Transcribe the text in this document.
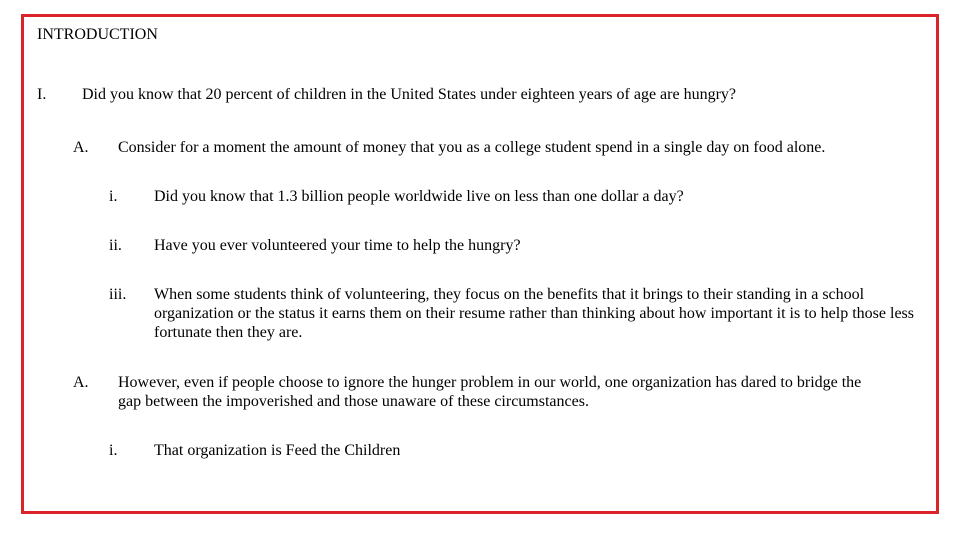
INTRODUCTION
I. Did you know that 20 percent of children in the United States under eighteen years of age are hungry?
A. Consider for a moment the amount of money that you as a college student spend in a single day on food alone.
i. Did you know that 1.3 billion people worldwide live on less than one dollar a day?
ii. Have you ever volunteered your time to help the hungry?
iii. When some students think of volunteering, they focus on the benefits that it brings to their standing in a school organization or the status it earns them on their resume rather than thinking about how important it is to help those less fortunate then they are.
A. However, even if people choose to ignore the hunger problem in our world, one organization has dared to bridge the gap between the impoverished and those unaware of these circumstances.
i. That organization is Feed the Children
